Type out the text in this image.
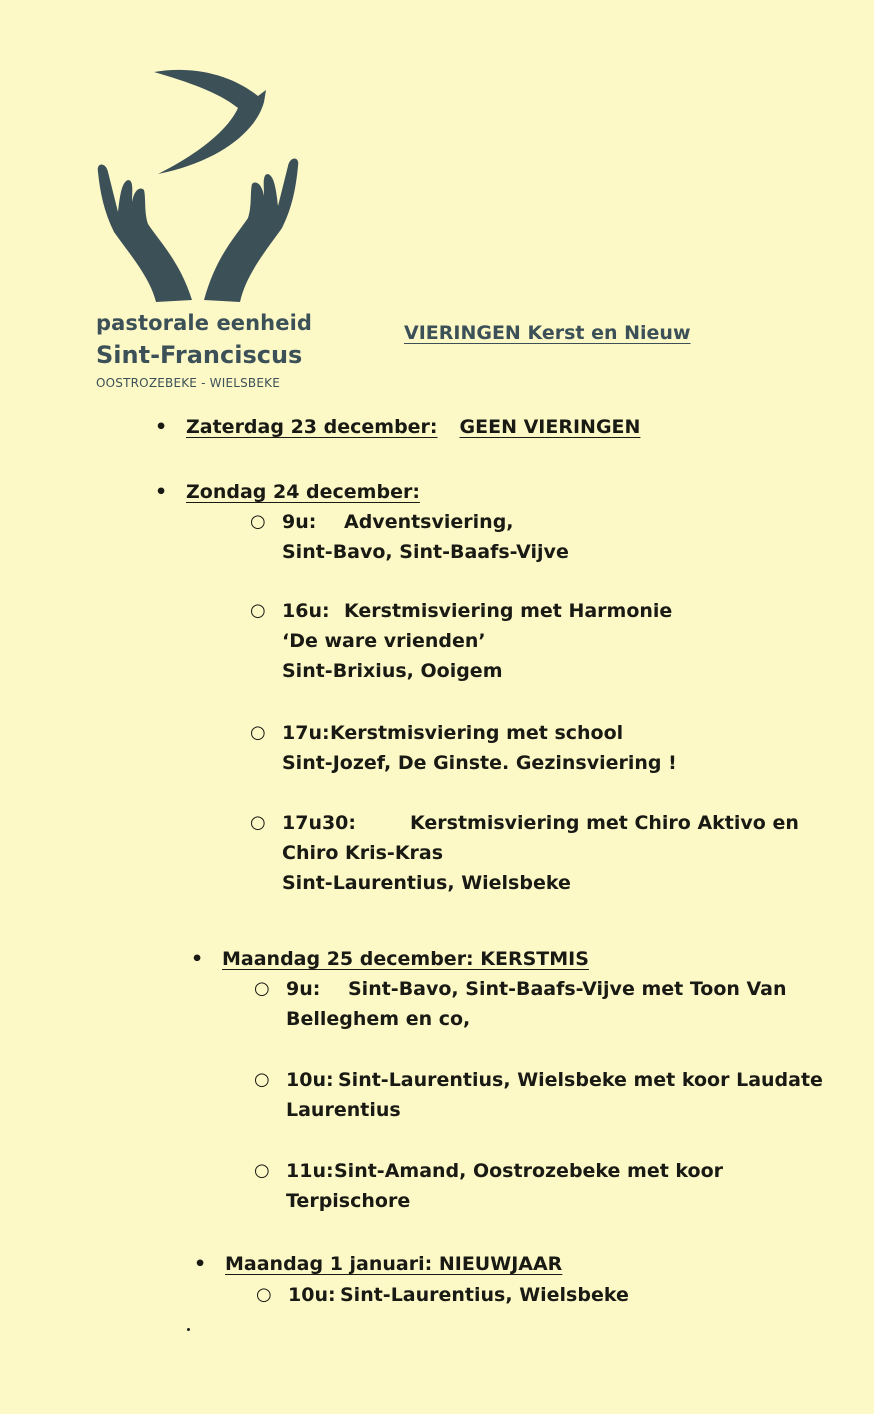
pastorale eenheid
Sint-Franciscus
OOSTROZEBEKE - WIELSBEKE
VIERINGEN Kerst en Nieuw
• Zaterdag 23 december: GEEN VIERINGEN
• Zondag 24 december:
○ 9u: Adventsviering,
Sint-Bavo, Sint-Baafs-Vijve
○ 16u: Kerstmisviering met Harmonie
‘De ware vrienden’
Sint-Brixius, Ooigem
○ 17u:Kerstmisviering met school
Sint-Jozef, De Ginste. Gezinsviering !
○ 17u30:	Kerstmisviering met Chiro Aktivo en
Chiro Kris-Kras
Sint-Laurentius, Wielsbeke
• Maandag 25 december: KERSTMIS
○ 9u: Sint-Bavo, Sint-Baafs-Vijve met Toon Van
Belleghem en co,
○ 10u: Sint-Laurentius, Wielsbeke met koor Laudate
Laurentius
○ 11u:Sint-Amand, Oostrozebeke met koor
Terpischore
• Maandag 1 januari: NIEUWJAAR
○ 10u: Sint-Laurentius, Wielsbeke
